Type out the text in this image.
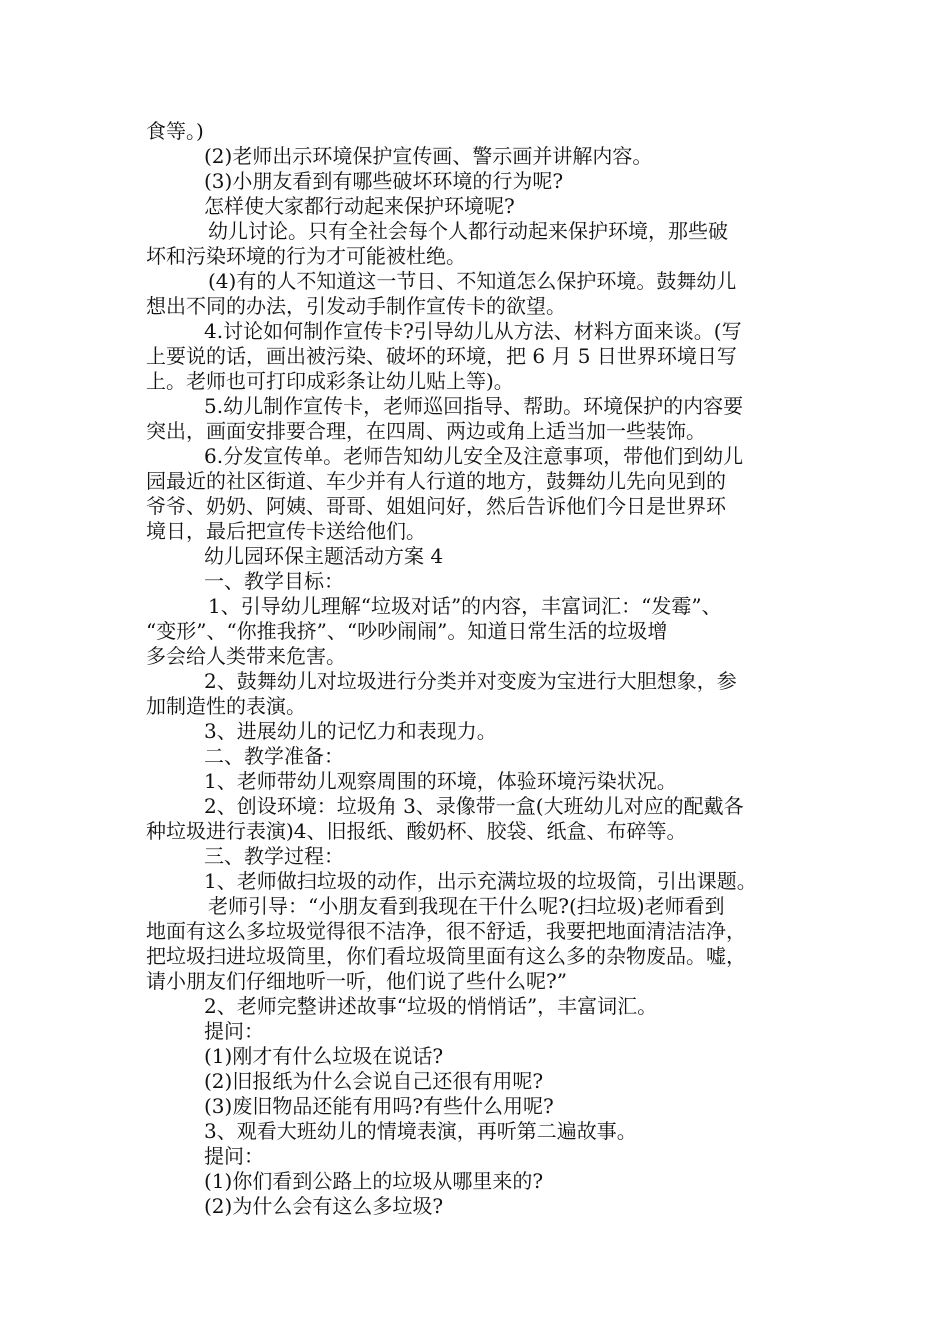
食等。)
(2)老师出示环境保护宣传画、警示画并讲解内容。
(3)小朋友看到有哪些破坏环境的行为呢?
怎样使大家都行动起来保护环境呢?
幼儿讨论。只有全社会每个人都行动起来保护环境，那些破
坏和污染环境的行为才可能被杜绝。
(4)有的人不知道这一节日、不知道怎么保护环境。鼓舞幼儿
想出不同的办法，引发动手制作宣传卡的欲望。
4.讨论如何制作宣传卡?引导幼儿从方法、材料方面来谈。(写
上要说的话，画出被污染、破坏的环境，把 6 月 5 日世界环境日写
上。老师也可打印成彩条让幼儿贴上等)。
5.幼儿制作宣传卡，老师巡回指导、帮助。环境保护的内容要
突出，画面安排要合理，在四周、两边或角上适当加一些装饰。
6.分发宣传单。老师告知幼儿安全及注意事项，带他们到幼儿
园最近的社区街道、车少并有人行道的地方，鼓舞幼儿先向见到的
爷爷、奶奶、阿姨、哥哥、姐姐问好，然后告诉他们今日是世界环
境日，最后把宣传卡送给他们。
幼儿园环保主题活动方案 4
一、教学目标：
1、引导幼儿理解“垃圾对话”的内容，丰富词汇：“发霉”、
“变形”、“你推我挤”、“吵吵闹闹”。知道日常生活的垃圾增
多会给人类带来危害。
2、鼓舞幼儿对垃圾进行分类并对变废为宝进行大胆想象，参
加制造性的表演。
3、进展幼儿的记忆力和表现力。
二、教学准备：
1、老师带幼儿观察周围的环境，体验环境污染状况。
2、创设环境：垃圾角 3、录像带一盒(大班幼儿对应的配戴各
种垃圾进行表演)4、旧报纸、酸奶杯、胶袋、纸盒、布碎等。
三、教学过程：
1、老师做扫垃圾的动作，出示充满垃圾的垃圾筒，引出课题。
老师引导：“小朋友看到我现在干什么呢?(扫垃圾)老师看到
地面有这么多垃圾觉得很不洁净，很不舒适，我要把地面清洁洁净，
把垃圾扫进垃圾筒里，你们看垃圾筒里面有这么多的杂物废品。嘘，
请小朋友们仔细地听一听，他们说了些什么呢?”
2、老师完整讲述故事“垃圾的悄悄话”，丰富词汇。
提问：
(1)刚才有什么垃圾在说话?
(2)旧报纸为什么会说自己还很有用呢?
(3)废旧物品还能有用吗?有些什么用呢?
3、观看大班幼儿的情境表演，再听第二遍故事。
提问：
(1)你们看到公路上的垃圾从哪里来的?
(2)为什么会有这么多垃圾?
